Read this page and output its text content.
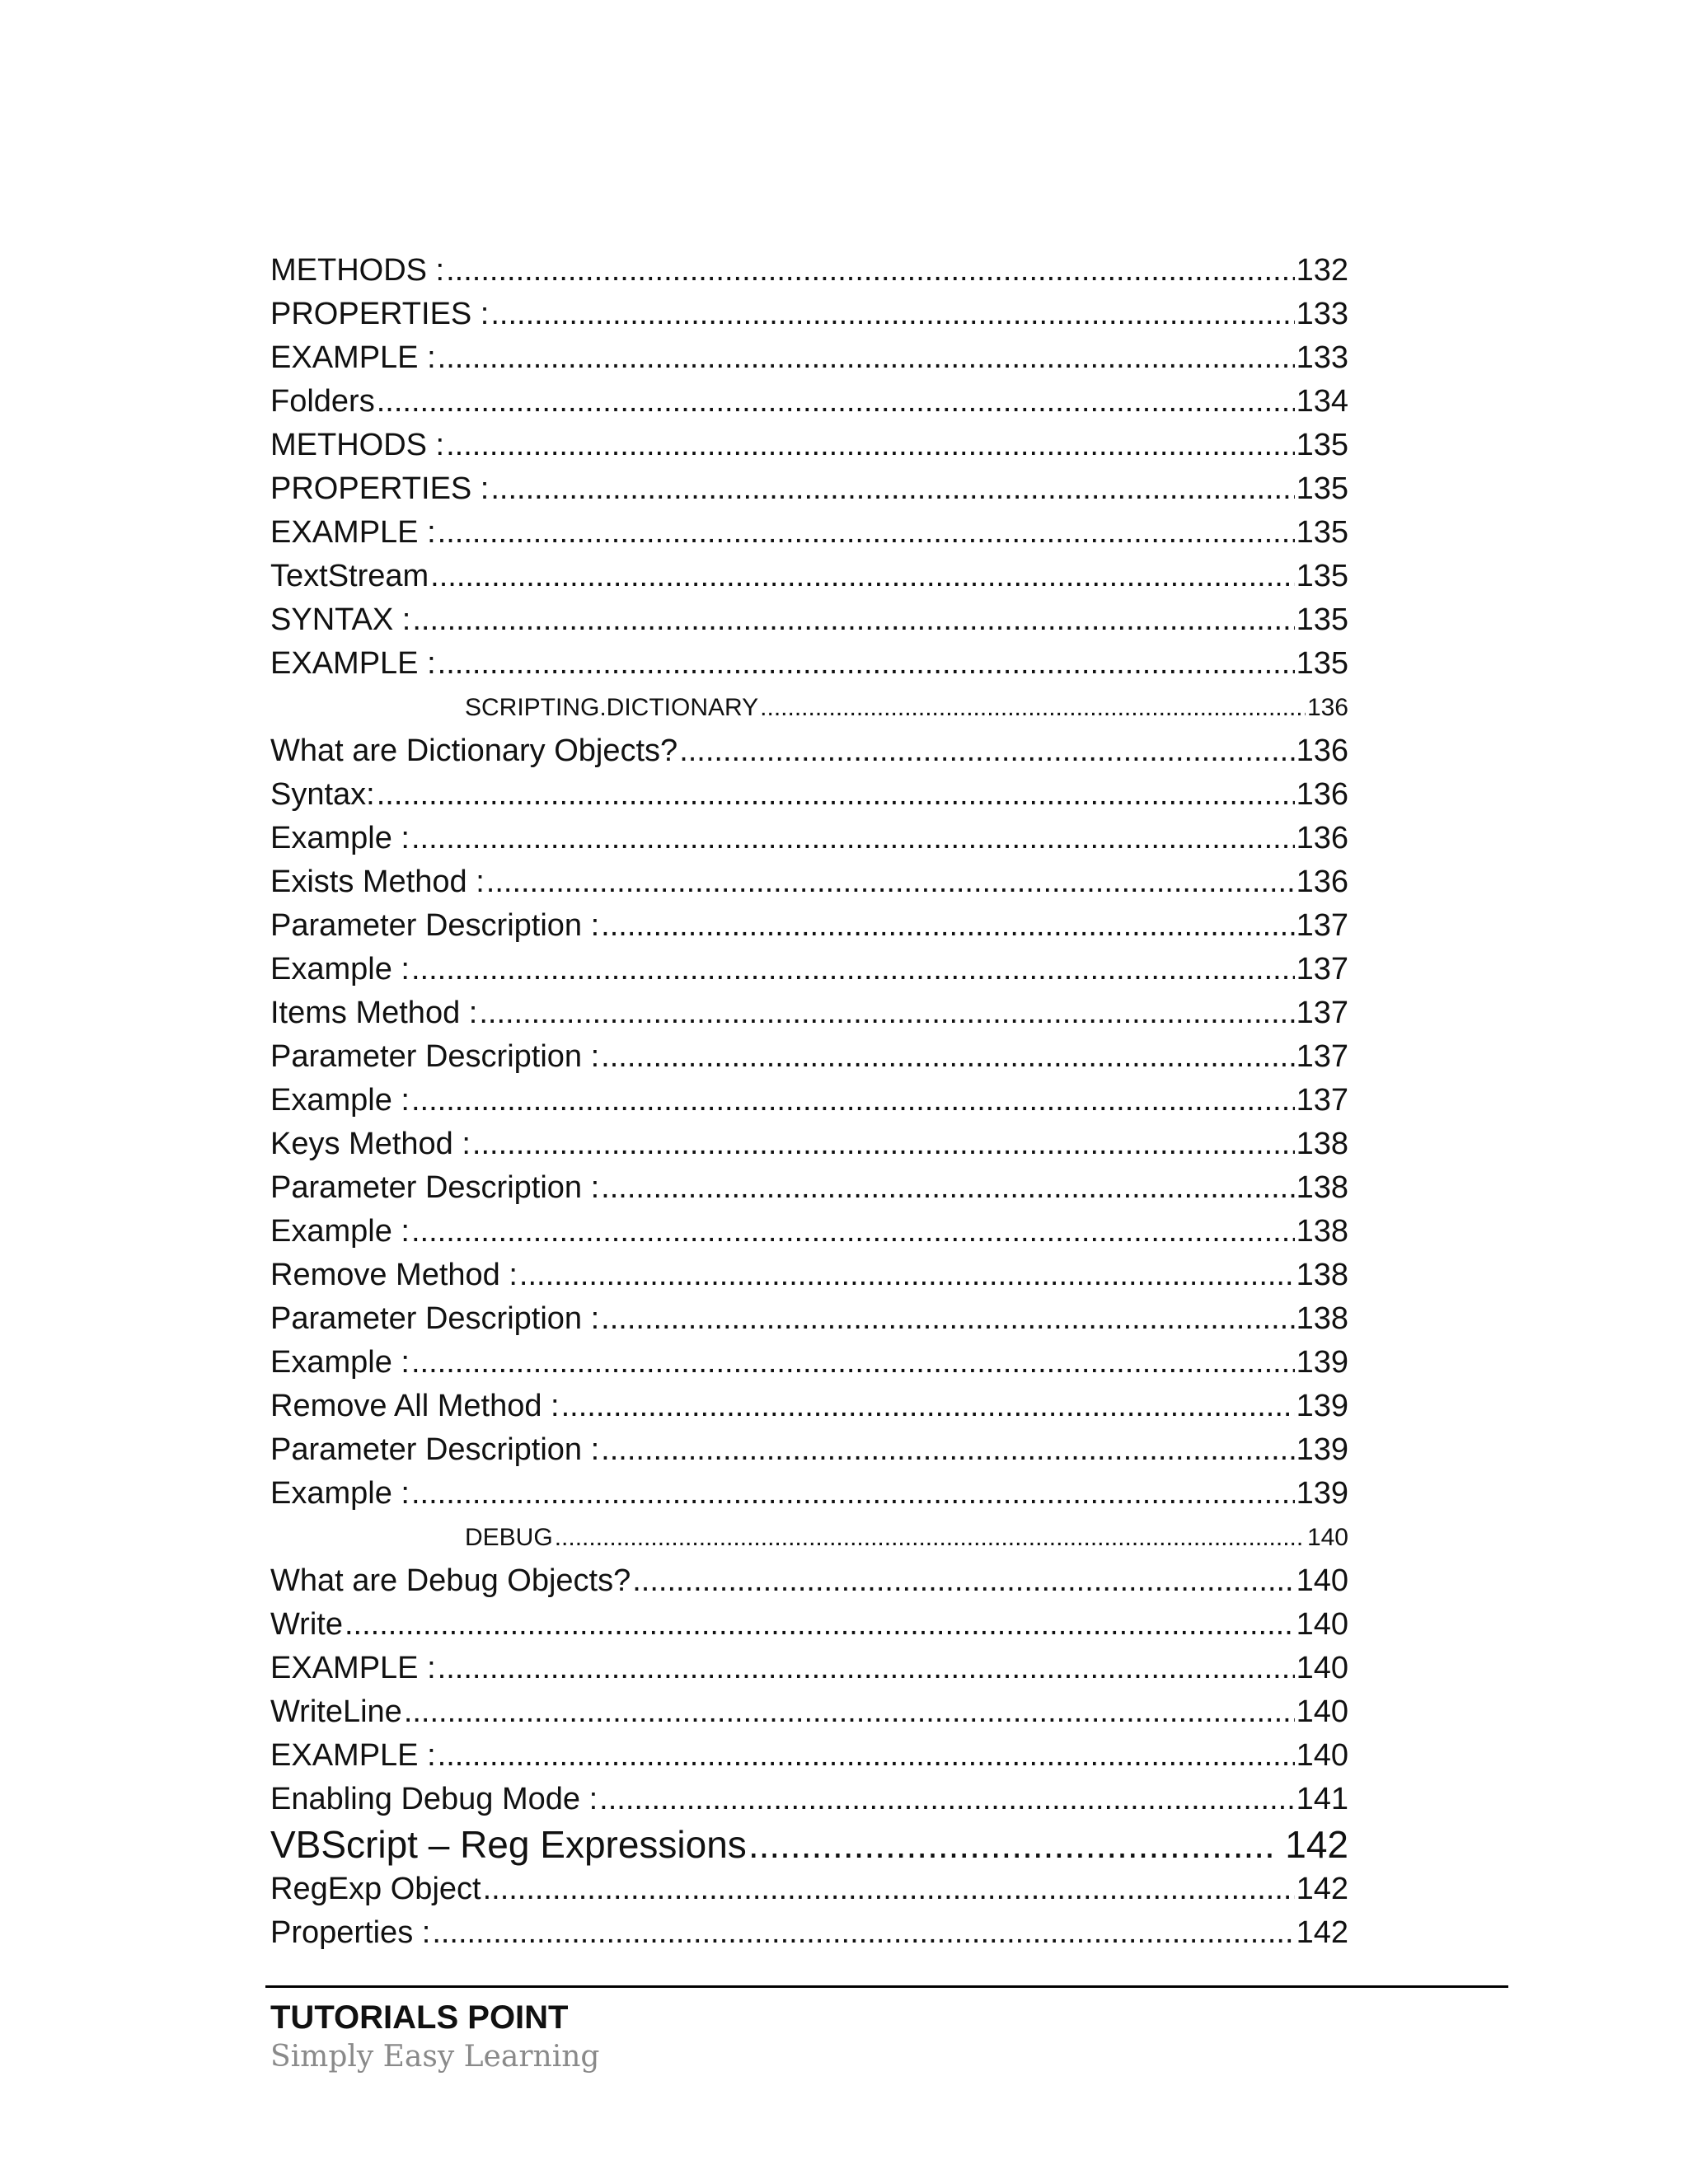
METHODS : .....	132
PROPERTIES : .....	133
EXAMPLE : .....	133
Folders .....	134
METHODS : .....	135
PROPERTIES : .....	135
EXAMPLE : .....	135
TextStream .....	135
SYNTAX : .....	135
EXAMPLE : .....	135
SCRIPTING.DICTIONARY .....	136
What are Dictionary Objects? .....	136
Syntax: .....	136
Example : .....	136
Exists Method : .....	136
Parameter Description : .....	137
Example : .....	137
Items Method : .....	137
Parameter Description : .....	137
Example : .....	137
Keys Method : .....	138
Parameter Description : .....	138
Example : .....	138
Remove Method : .....	138
Parameter Description : .....	138
Example : .....	139
Remove All Method : .....	139
Parameter Description : .....	139
Example : .....	139
DEBUG .....	140
What are Debug Objects? .....	140
Write .....	140
EXAMPLE : .....	140
WriteLine .....	140
EXAMPLE : .....	140
Enabling Debug Mode : .....	141
VBScript – Reg Expressions .....	142
RegExp Object .....	142
Properties : .....	142
TUTORIALS POINT
Simply Easy Learning
